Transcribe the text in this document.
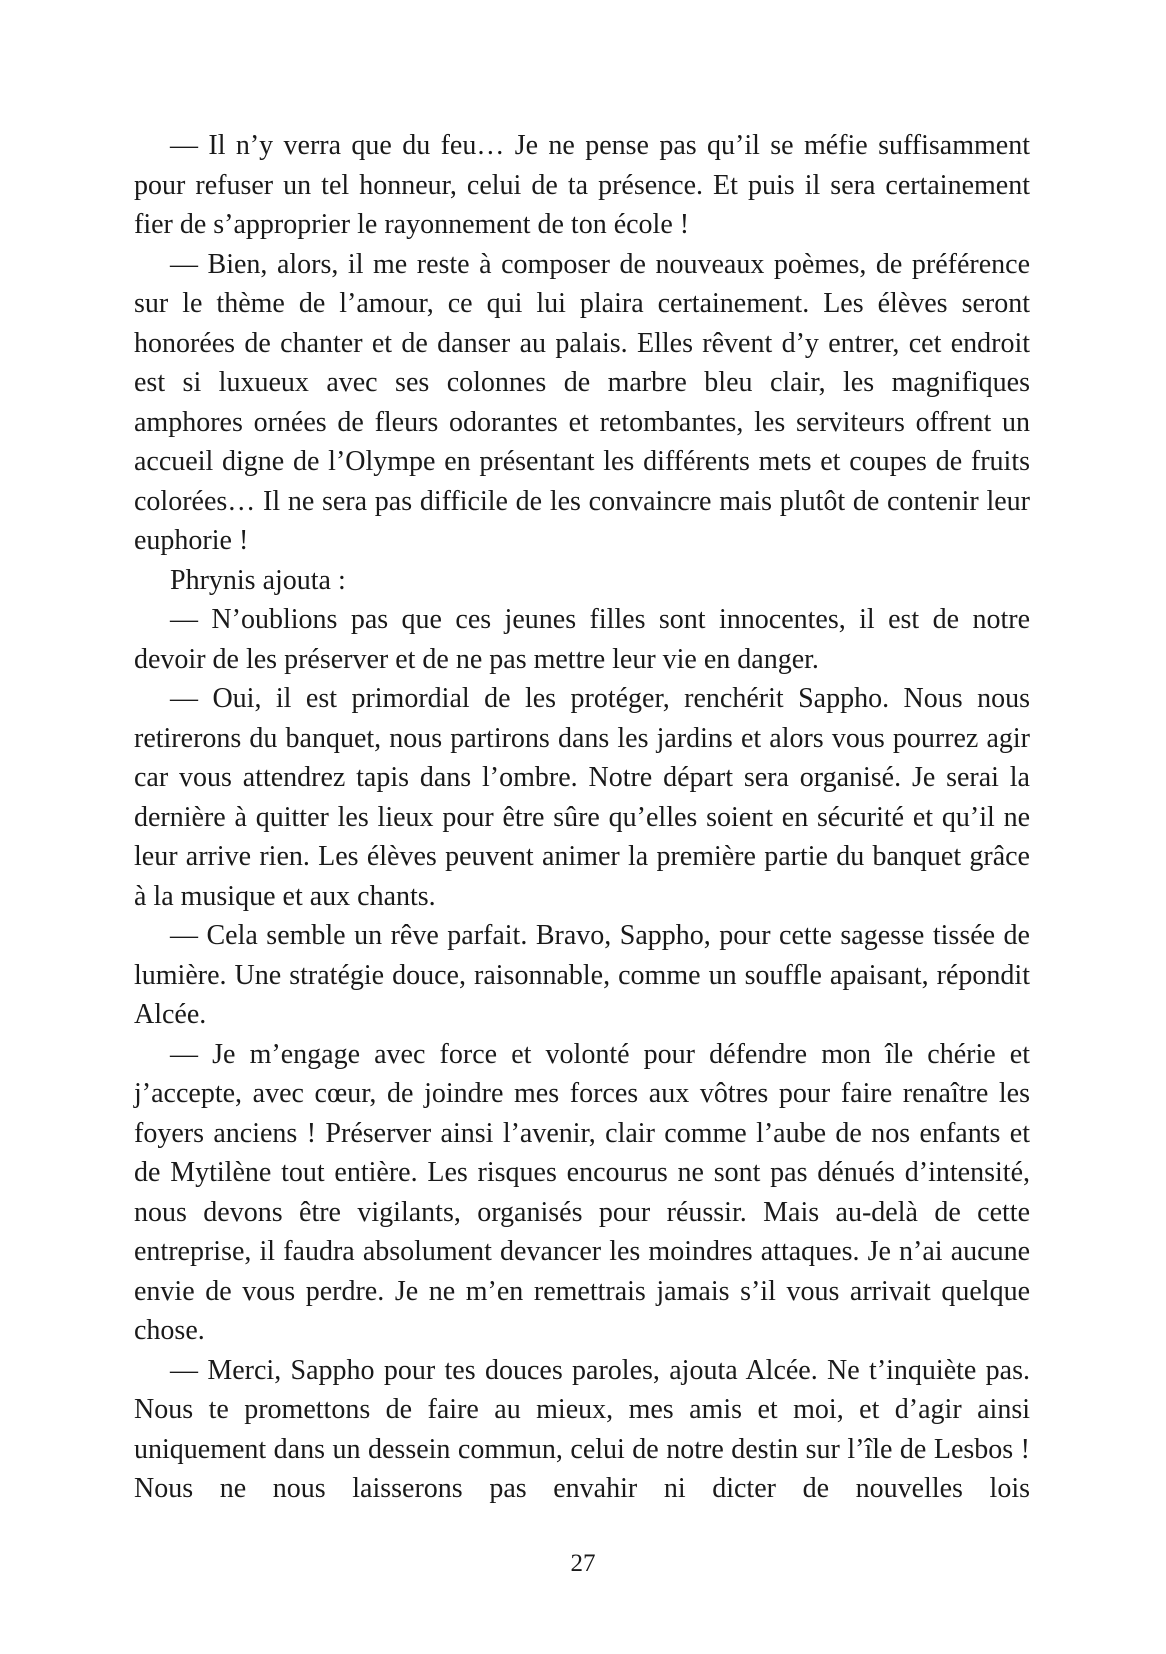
— Il n’y verra que du feu… Je ne pense pas qu’il se méfie suffisamment pour refuser un tel honneur, celui de ta présence. Et puis il sera certainement fier de s’approprier le rayonnement de ton école !

— Bien, alors, il me reste à composer de nouveaux poèmes, de préférence sur le thème de l’amour, ce qui lui plaira certainement. Les élèves seront honorées de chanter et de danser au palais. Elles rêvent d’y entrer, cet endroit est si luxueux avec ses colonnes de marbre bleu clair, les magnifiques amphores ornées de fleurs odorantes et retombantes, les serviteurs offrent un accueil digne de l’Olympe en présentant les différents mets et coupes de fruits colorées… Il ne sera pas difficile de les convaincre mais plutôt de contenir leur euphorie !

Phrynis ajouta :

— N’oublions pas que ces jeunes filles sont innocentes, il est de notre devoir de les préserver et de ne pas mettre leur vie en danger.

— Oui, il est primordial de les protéger, renchérit Sappho. Nous nous retirerons du banquet, nous partirons dans les jardins et alors vous pourrez agir car vous attendrez tapis dans l’ombre. Notre départ sera organisé. Je serai la dernière à quitter les lieux pour être sûre qu’elles soient en sécurité et qu’il ne leur arrive rien. Les élèves peuvent animer la première partie du banquet grâce à la musique et aux chants.

— Cela semble un rêve parfait. Bravo, Sappho, pour cette sagesse tissée de lumière. Une stratégie douce, raisonnable, comme un souffle apaisant, répondit Alcée.

— Je m’engage avec force et volonté pour défendre mon île chérie et j’accepte, avec cœur, de joindre mes forces aux vôtres pour faire renaître les foyers anciens ! Préserver ainsi l’avenir, clair comme l’aube de nos enfants et de Mytilène tout entière. Les risques encourus ne sont pas dénués d’intensité, nous devons être vigilants, organisés pour réussir. Mais au-delà de cette entreprise, il faudra absolument devancer les moindres attaques. Je n’ai aucune envie de vous perdre. Je ne m’en remettrais jamais s’il vous arrivait quelque chose.

— Merci, Sappho pour tes douces paroles, ajouta Alcée. Ne t’inquiète pas. Nous te promettons de faire au mieux, mes amis et moi, et d’agir ainsi uniquement dans un dessein commun, celui de notre destin sur l’île de Lesbos ! Nous ne nous laisserons pas envahir ni dicter de nouvelles lois

27
